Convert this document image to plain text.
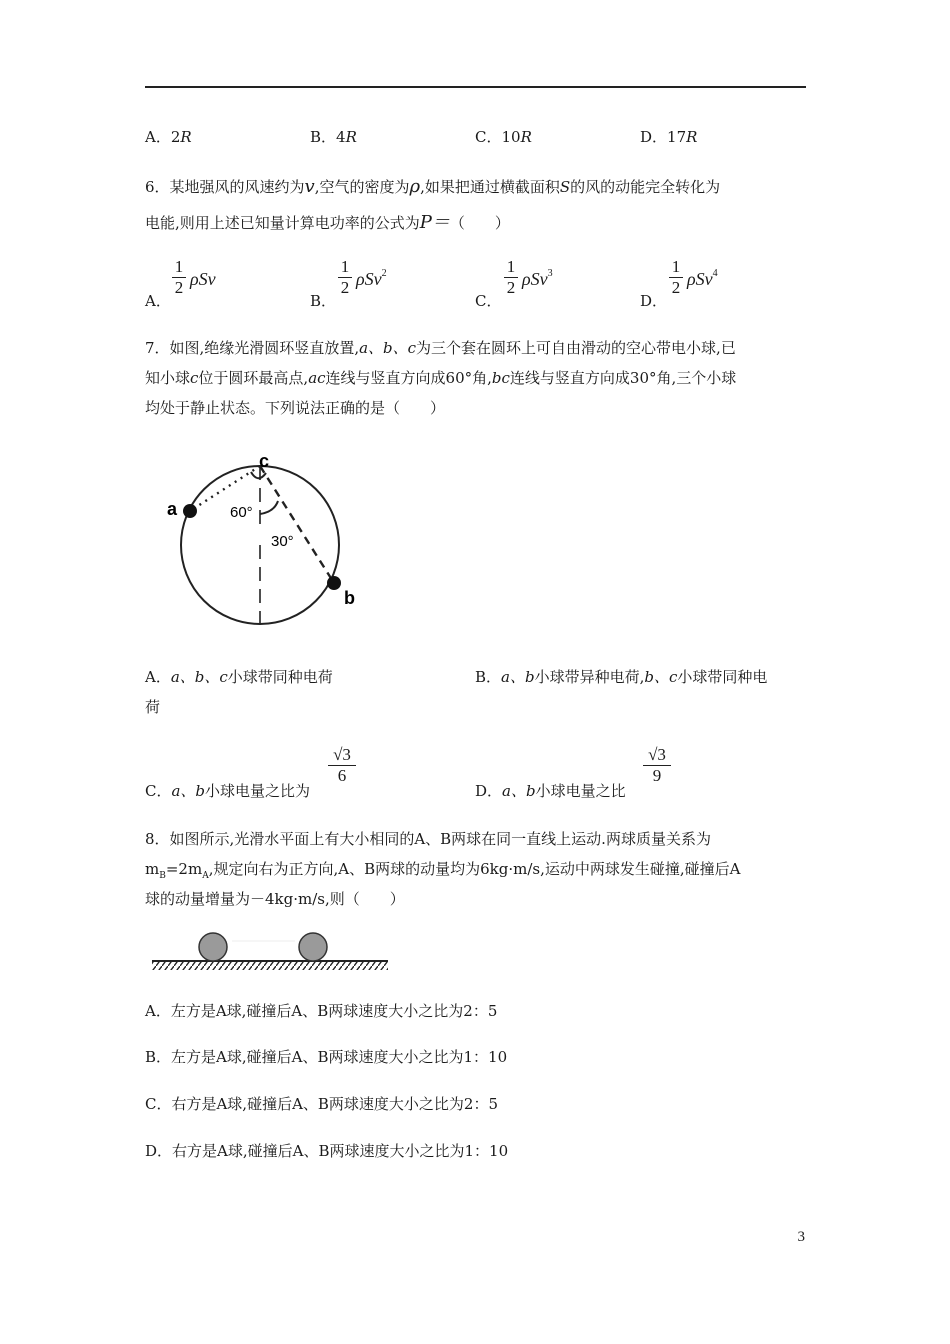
A．2R	B．4R	C．10R	D．17R
6．某地强风的风速约为v,空气的密度为ρ,如果把通过横截面积S的风的动能完全转化为
电能,则用上述已知量计算电功率的公式为P＝（　　）
A．
1
2 ρSv
B．
1
2 ρSv$^2$
C．
1
2 ρSv$^3$
D．
1
2 ρSv$^4$
7．如图,绝缘光滑圆环竖直放置,a、b、c为三个套在圆环上可自由滑动的空心带电小球,已
知小球c位于圆环最高点,ac连线与竖直方向成60°角,bc连线与竖直方向成30°角,三个小球
均处于静止状态。下列说法正确的是（　　）
a
b
c
60°
30°
A．a、b、c小球带同种电荷	B．a、b小球带异种电荷,b、c小球带同种电
荷
C．a、b小球电量之比为
√3
6
D．a、b小球电量之比
√3
9
8．如图所示,光滑水平面上有大小相同的A、B两球在同一直线上运动.两球质量关系为
$m_B=2m_A$,规定向右为正方向,A、B两球的动量均为6kg·m/s,运动中两球发生碰撞,碰撞后A
球的动量增量为－4kg·m/s,则（　　）
A．左方是A球,碰撞后A、B两球速度大小之比为2：5
B．左方是A球,碰撞后A、B两球速度大小之比为1：10
C．右方是A球,碰撞后A、B两球速度大小之比为2：5
D．右方是A球,碰撞后A、B两球速度大小之比为1：10
3
